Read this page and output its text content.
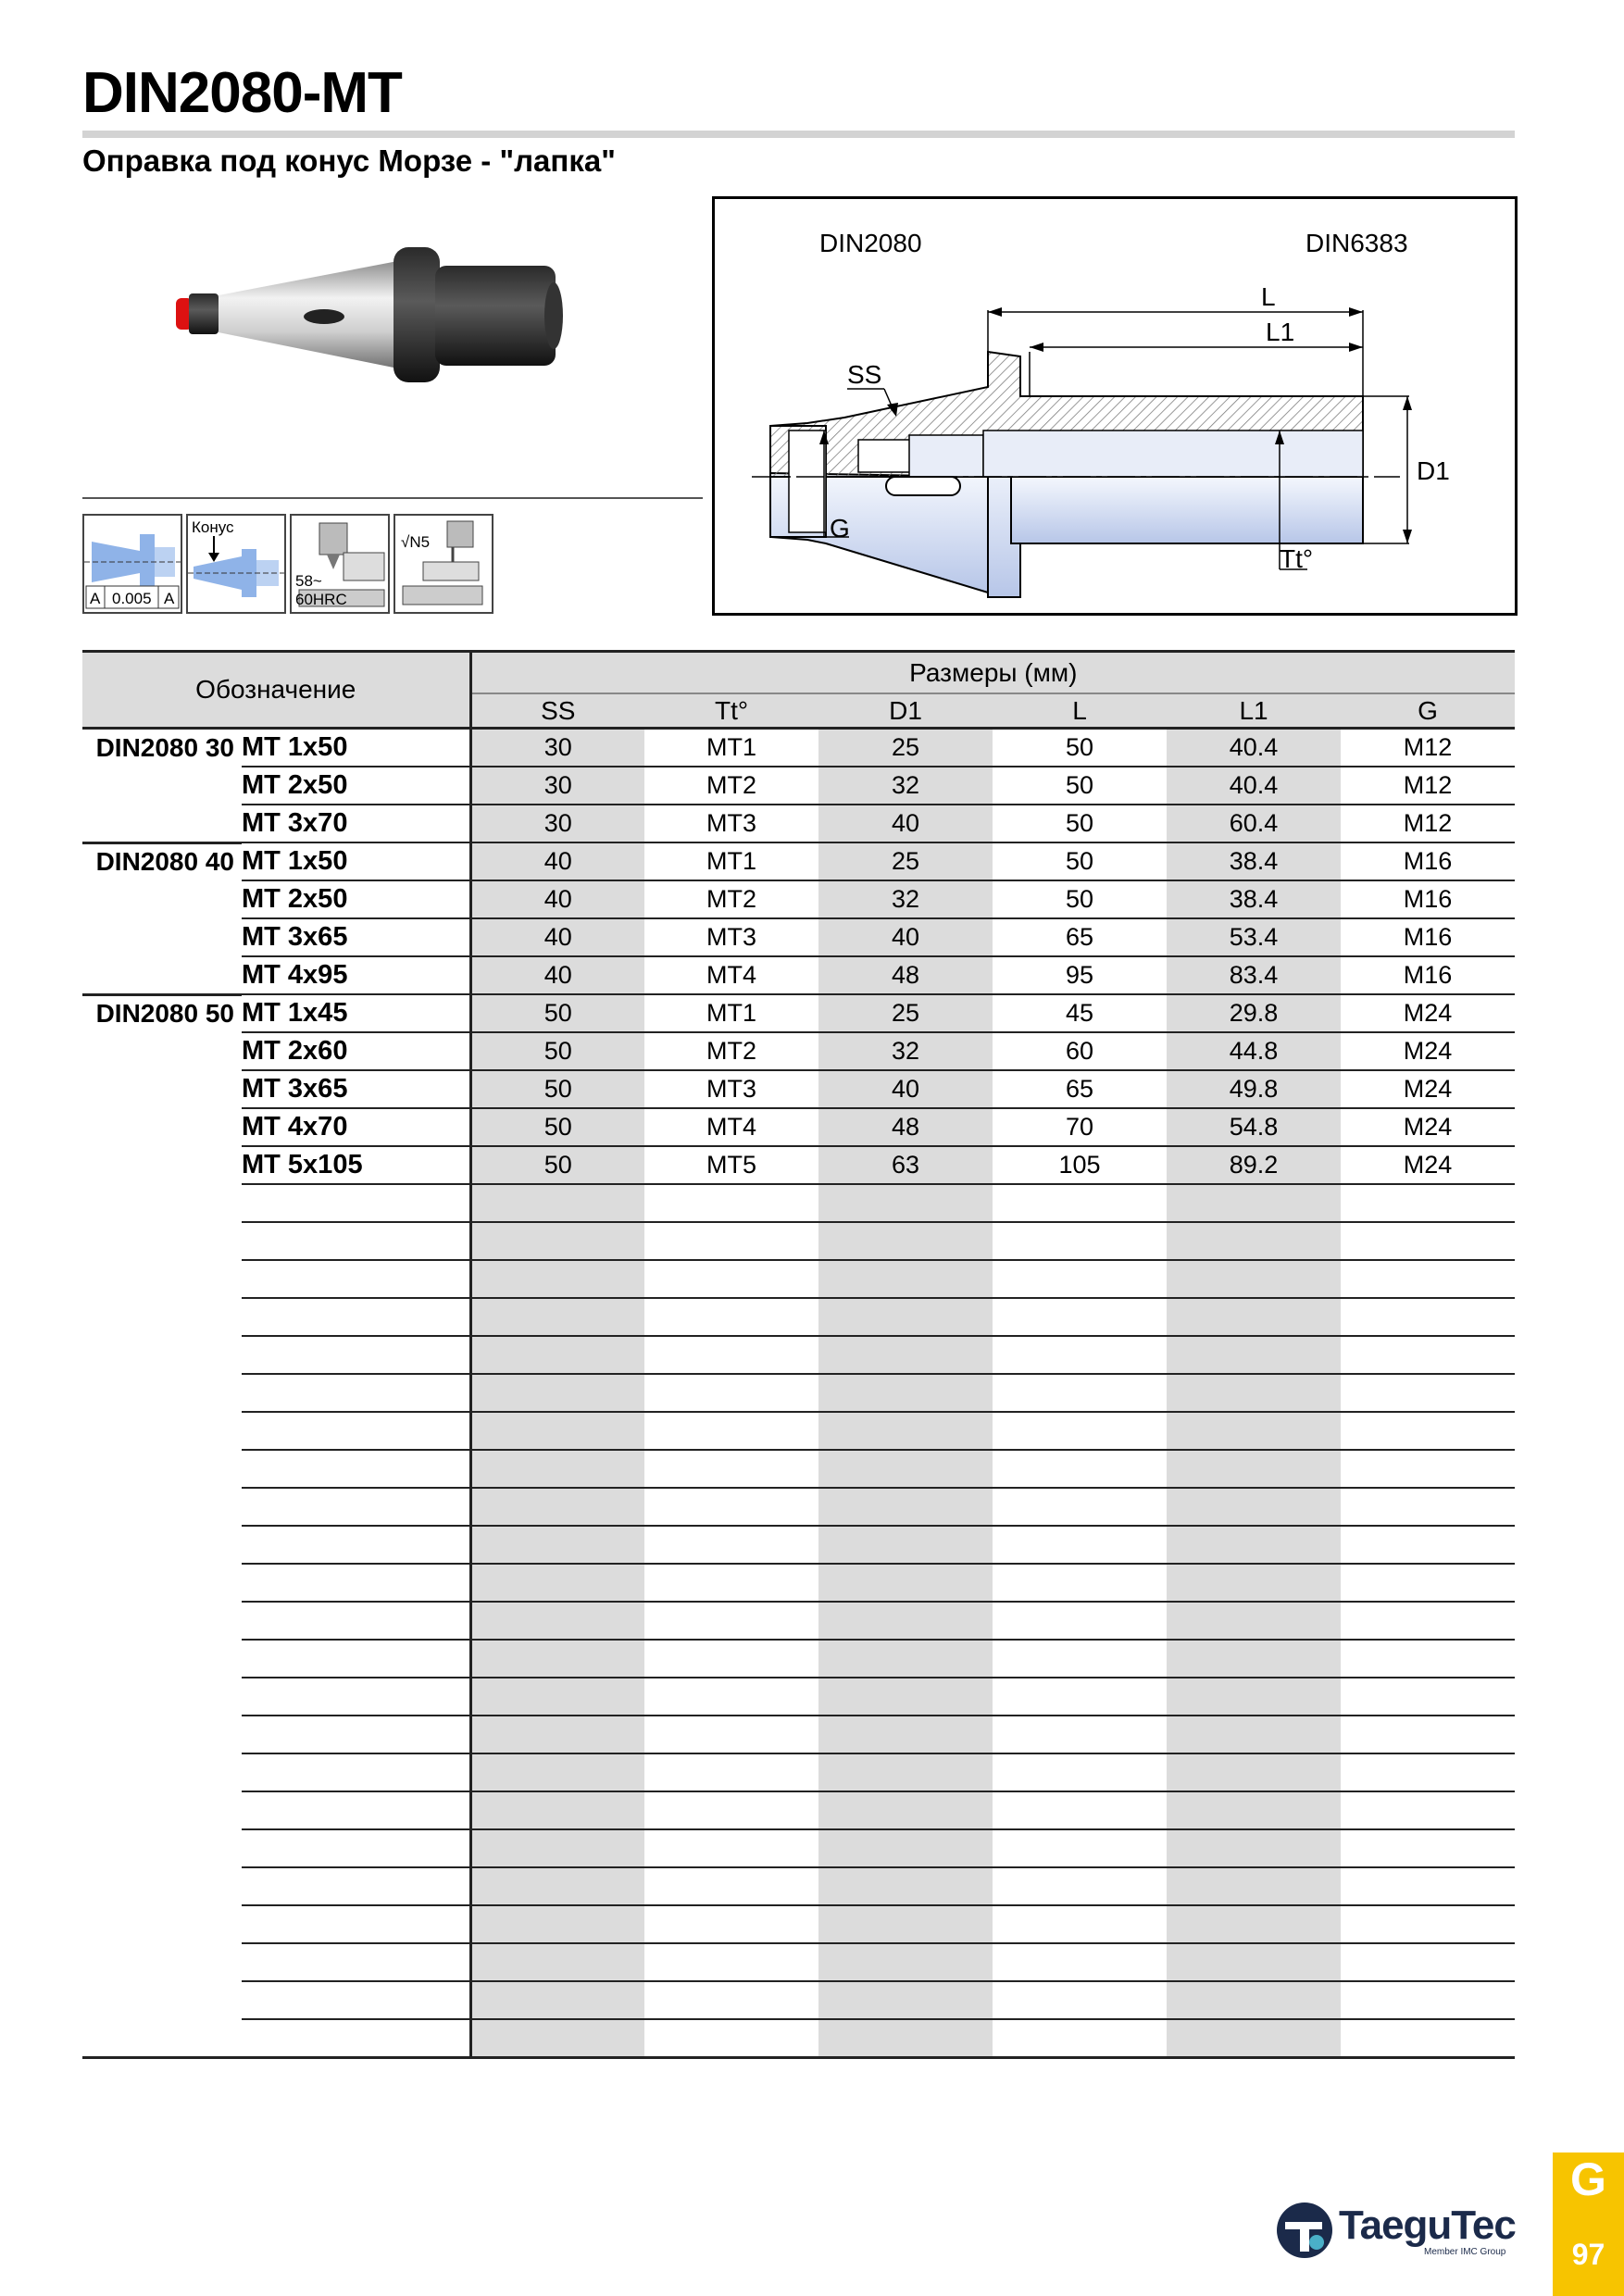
DIN2080-MT
Оправка под конус Морзе - "лапка"
A 0.005 A
Конус
58~
60HRC
√N5
DIN2080	DIN6383
L
L1
SS
G
D1
Tt°
Обозначение		Размеры (мм)					
		SS	Tt°	D1	L	L1	G
DIN2080 30	MT 1x50	30	MT1	25	50	40.4	M12
	MT 2x50	30	MT2	32	50	40.4	M12
	MT 3x70	30	MT3	40	50	60.4	M12
DIN2080 40	MT 1x50	40	MT1	25	50	38.4	M16
	MT 2x50	40	MT2	32	50	38.4	M16
	MT 3x65	40	MT3	40	65	53.4	M16
	MT 4x95	40	MT4	48	95	83.4	M16
DIN2080 50	MT 1x45	50	MT1	25	45	29.8	M24
	MT 2x60	50	MT2	32	60	44.8	M24
	MT 3x65	50	MT3	40	65	49.8	M24
	MT 4x70	50	MT4	48	70	54.8	M24
	MT 5x105	50	MT5	63	105	89.2	M24

TaeguTec
Member IMC Group
G
97
